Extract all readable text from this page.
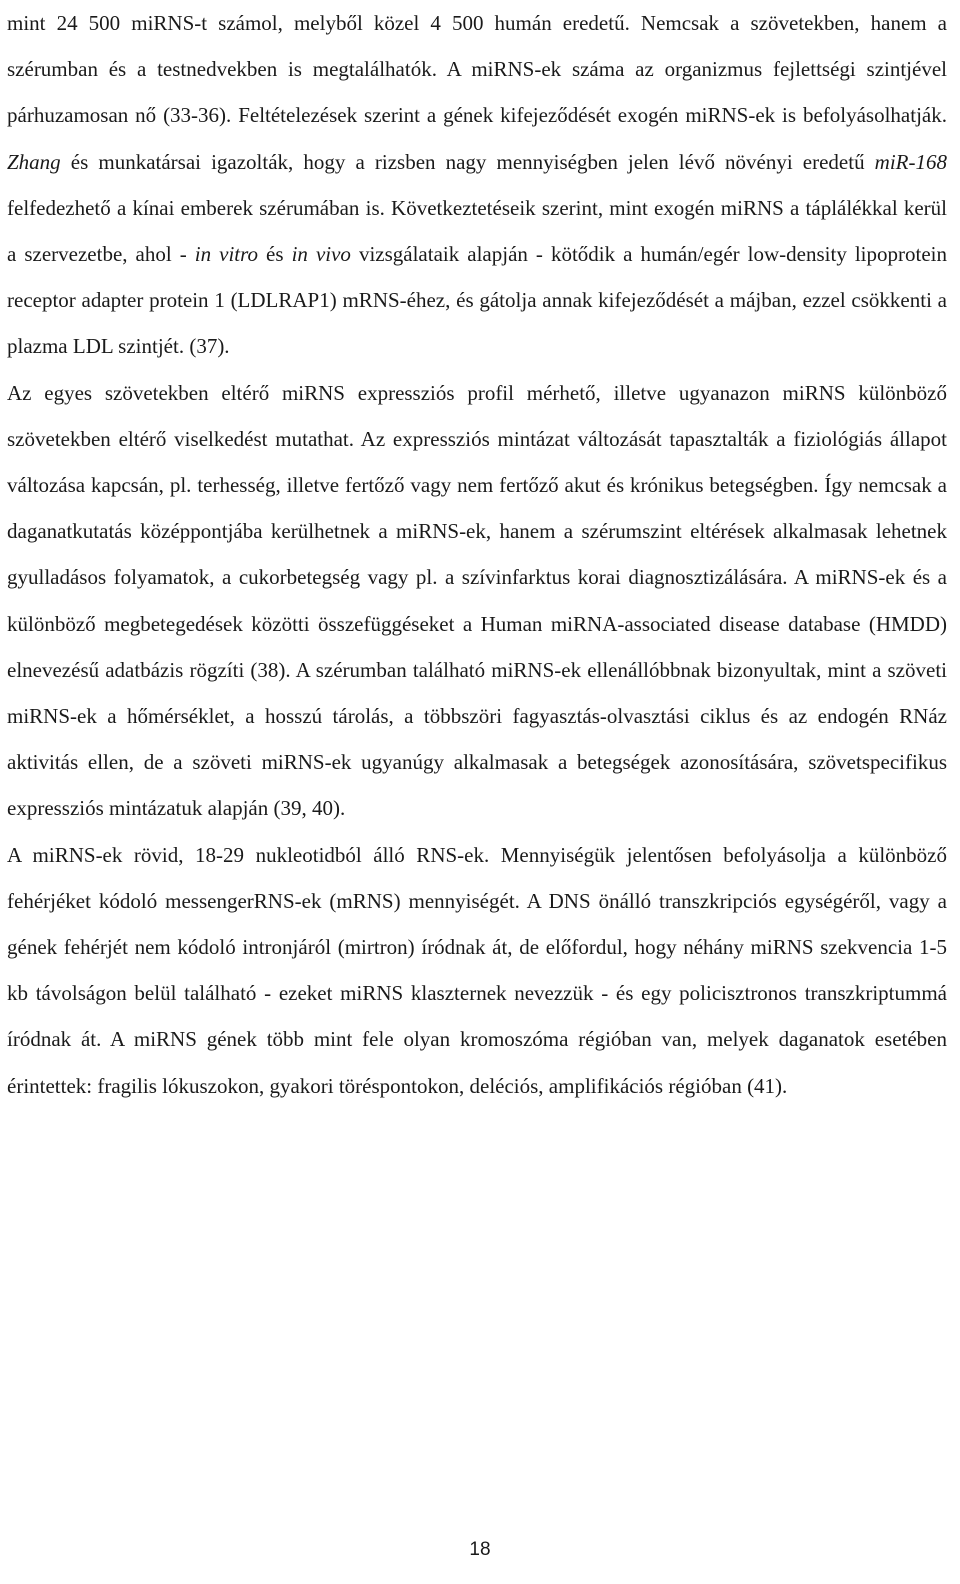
mint 24 500 miRNS-t számol, melyből közel 4 500 humán eredetű. Nemcsak a szövetekben, hanem a szérumban és a testnedvekben is megtalálhatók. A miRNS-ek száma az organizmus fejlettségi szintjével párhuzamosan nő (33-36). Feltételezések szerint a gének kifejeződését exogén miRNS-ek is befolyásolhatják. Zhang és munkatársai igazolták, hogy a rizsben nagy mennyiségben jelen lévő növényi eredetű miR-168 felfedezhető a kínai emberek szérumában is. Következtetéseik szerint, mint exogén miRNS a táplálékkal kerül a szervezetbe, ahol - in vitro és in vivo vizsgálataik alapján - kötődik a humán/egér low-density lipoprotein receptor adapter protein 1 (LDLRAP1) mRNS-éhez, és gátolja annak kifejeződését a májban, ezzel csökkenti a plazma LDL szintjét. (37).

Az egyes szövetekben eltérő miRNS expressziós profil mérhető, illetve ugyanazon miRNS különböző szövetekben eltérő viselkedést mutathat. Az expressziós mintázat változását tapasztalták a fiziológiás állapot változása kapcsán, pl. terhesség, illetve fertőző vagy nem fertőző akut és krónikus betegségben. Így nemcsak a daganatkutatás középpontjába kerülhetnek a miRNS-ek, hanem a szérumszint eltérések alkalmasak lehetnek gyulladásos folyamatok, a cukorbetegség vagy pl. a szívinfarktus korai diagnosztizálására. A miRNS-ek és a különböző megbetegedések közötti összefüggéseket a Human miRNA-associated disease database (HMDD) elnevezésű adatbázis rögzíti (38). A szérumban található miRNS-ek ellenállóbbnak bizonyultak, mint a szöveti miRNS-ek a hőmérséklet, a hosszú tárolás, a többszöri fagyasztás-olvasztási ciklus és az endogén RNáz aktivitás ellen, de a szöveti miRNS-ek ugyanúgy alkalmasak a betegségek azonosítására, szövetspecifikus expressziós mintázatuk alapján (39, 40).

A miRNS-ek rövid, 18-29 nukleotidból álló RNS-ek. Mennyiségük jelentősen befolyásolja a különböző fehérjéket kódoló messengerRNS-ek (mRNS) mennyiségét. A DNS önálló transzkripciós egységéről, vagy a gének fehérjét nem kódoló intronjáról (mirtron) íródnak át, de előfordul, hogy néhány miRNS szekvencia 1-5 kb távolságon belül található - ezeket miRNS klaszternek nevezzük - és egy policisztronos transzkriptummá íródnak át. A miRNS gének több mint fele olyan kromoszóma régióban van, melyek daganatok esetében érintettek: fragilis lókuszokon, gyakori töréspontokon, deléciós, amplifikációs régióban (41).

18
